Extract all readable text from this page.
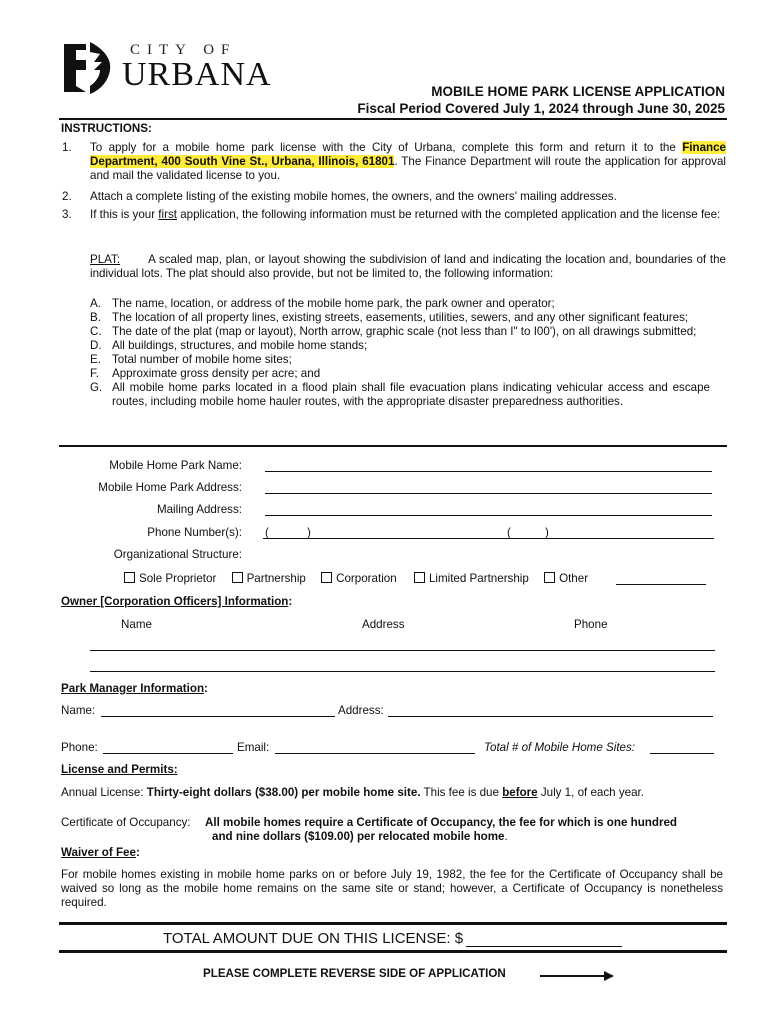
CITY OF
URBANA	MOBILE HOME PARK LICENSE APPLICATION
Fiscal Period Covered July 1, 2024 through June 30, 2025
INSTRUCTIONS:
1. To apply for a mobile home park license with the City of Urbana, complete this form and return it to the Finance Department, 400 South Vine St., Urbana, Illinois, 61801. The Finance Department will route the application for approval and mail the validated license to you.
2. Attach a complete listing of the existing mobile homes, the owners, and the owners' mailing addresses.
3. If this is your first application, the following information must be returned with the completed application and the license fee:
PLAT: A scaled map, plan, or layout showing the subdivision of land and indicating the location and, boundaries of the individual lots. The plat should also provide, but not be limited to, the following information:
A. The name, location, or address of the mobile home park, the park owner and operator;
B. The location of all property lines, existing streets, easements, utilities, sewers, and any other significant features;
C. The date of the plat (map or layout), North arrow, graphic scale (not less than I" to I00'), on all drawings submitted;
D. All buildings, structures, and mobile home stands;
E. Total number of mobile home sites;
F. Approximate gross density per acre; and
G. All mobile home parks located in a flood plain shall file evacuation plans indicating vehicular access and escape routes, including mobile home hauler routes, with the appropriate disaster preparedness authorities.
Mobile Home Park Name:
Mobile Home Park Address:
Mailing Address:
Phone Number(s): (	)	(	)
Organizational Structure:
Sole Proprietor	Partnership	Corporation	Limited Partnership	Other
Owner [Corporation Officers] Information:
Name	Address	Phone
Park Manager Information:
Name:	Address:
Phone:	Email:	Total # of Mobile Home Sites:
License and Permits:
Annual License: Thirty-eight dollars ($38.00) per mobile home site. This fee is due before July 1, of each year.
Certificate of Occupancy: All mobile homes require a Certificate of Occupancy, the fee for which is one hundred
and nine dollars ($109.00) per relocated mobile home.
Waiver of Fee:
For mobile homes existing in mobile home parks on or before July 19, 1982, the fee for the Certificate of Occupancy shall be waived so long as the mobile home remains on the same site or stand; however, a Certificate of Occupancy is nonetheless required.
TOTAL AMOUNT DUE ON THIS LICENSE: $
PLEASE COMPLETE REVERSE SIDE OF APPLICATION
